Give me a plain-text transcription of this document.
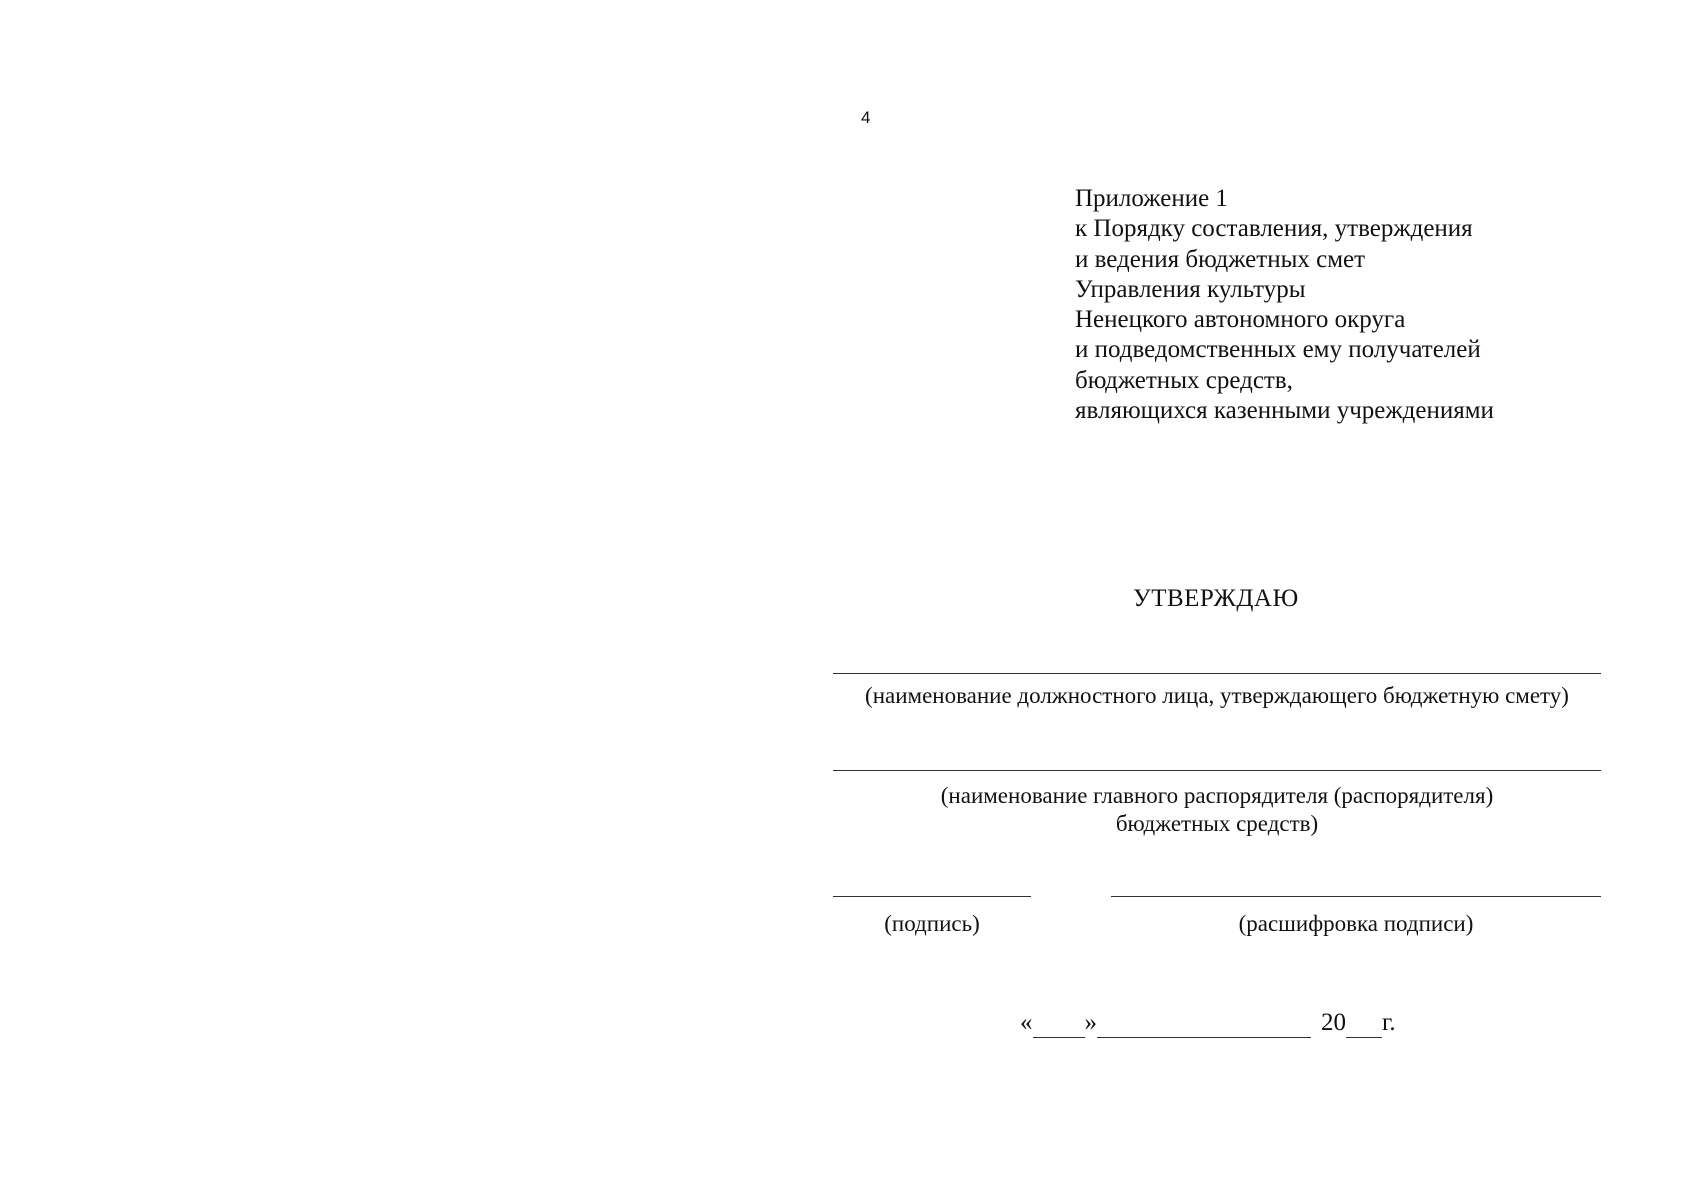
4
Приложение 1
к Порядку составления, утверждения
и ведения бюджетных смет
Управления культуры
Ненецкого автономного округа
и подведомственных ему получателей
бюджетных средств,
являющихся казенными учреждениями
УТВЕРЖДАЮ
(наименование должностного лица, утверждающего бюджетную смету)
(наименование главного распорядителя (распорядителя)
бюджетных средств)
(подпись)	(расшифровка подписи)
« »	20 г.
